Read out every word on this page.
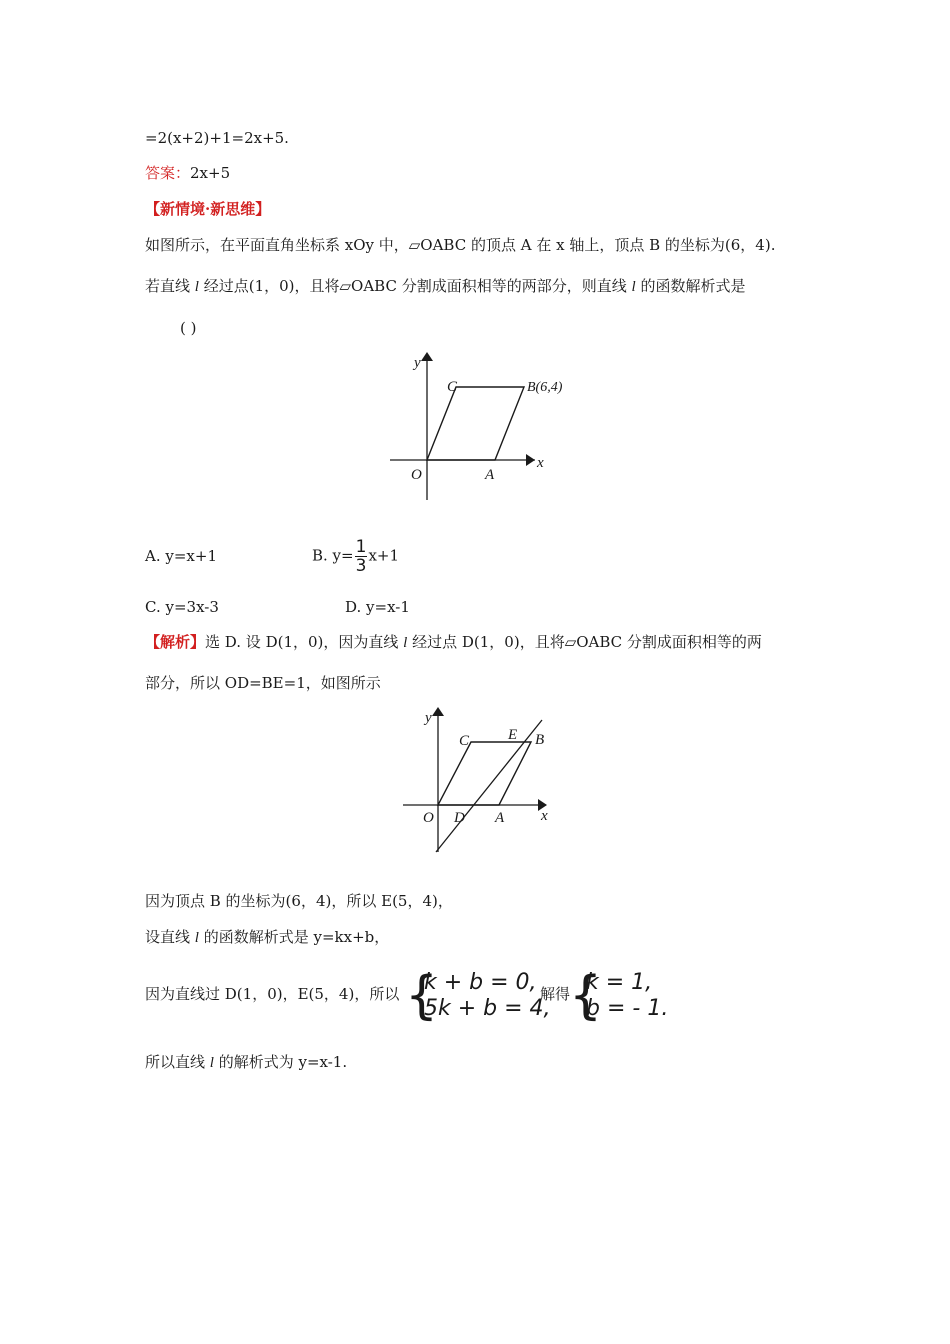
=2(x+2)+1=2x+5.
答案：2x+5
【新情境·新思维】
如图所示，在平面直角坐标系 xOy 中，▱OABC 的顶点 A 在 x 轴上，顶点 B 的坐标为(6，4).
若直线 l 经过点(1，0)，且将▱OABC 分割成面积相等的两部分，则直线 l 的函数解析式是
( )
y
x
O	A
C	B(6,4)
A. y=x+1	B. $y= \frac{1}{3} x+1$
C. y=3x-3	D. y=x-1
【解析】选 D. 设 D(1，0)，因为直线 l 经过点 D(1，0)，且将▱OABC 分割成面积相等的两
部分，所以 OD=BE=1，如图所示
y
x
O D A
C	E B
因为顶点 B 的坐标为(6，4)，所以 E(5，4)，
设直线 l 的函数解析式是 y=kx+b，
因为直线过 D(1，0)，E(5，4)，所以 {
k + b = 0,
5k + b = 4,
解得
{
k = 1,
b = - 1.
所以直线 l 的解析式为 y=x-1.
